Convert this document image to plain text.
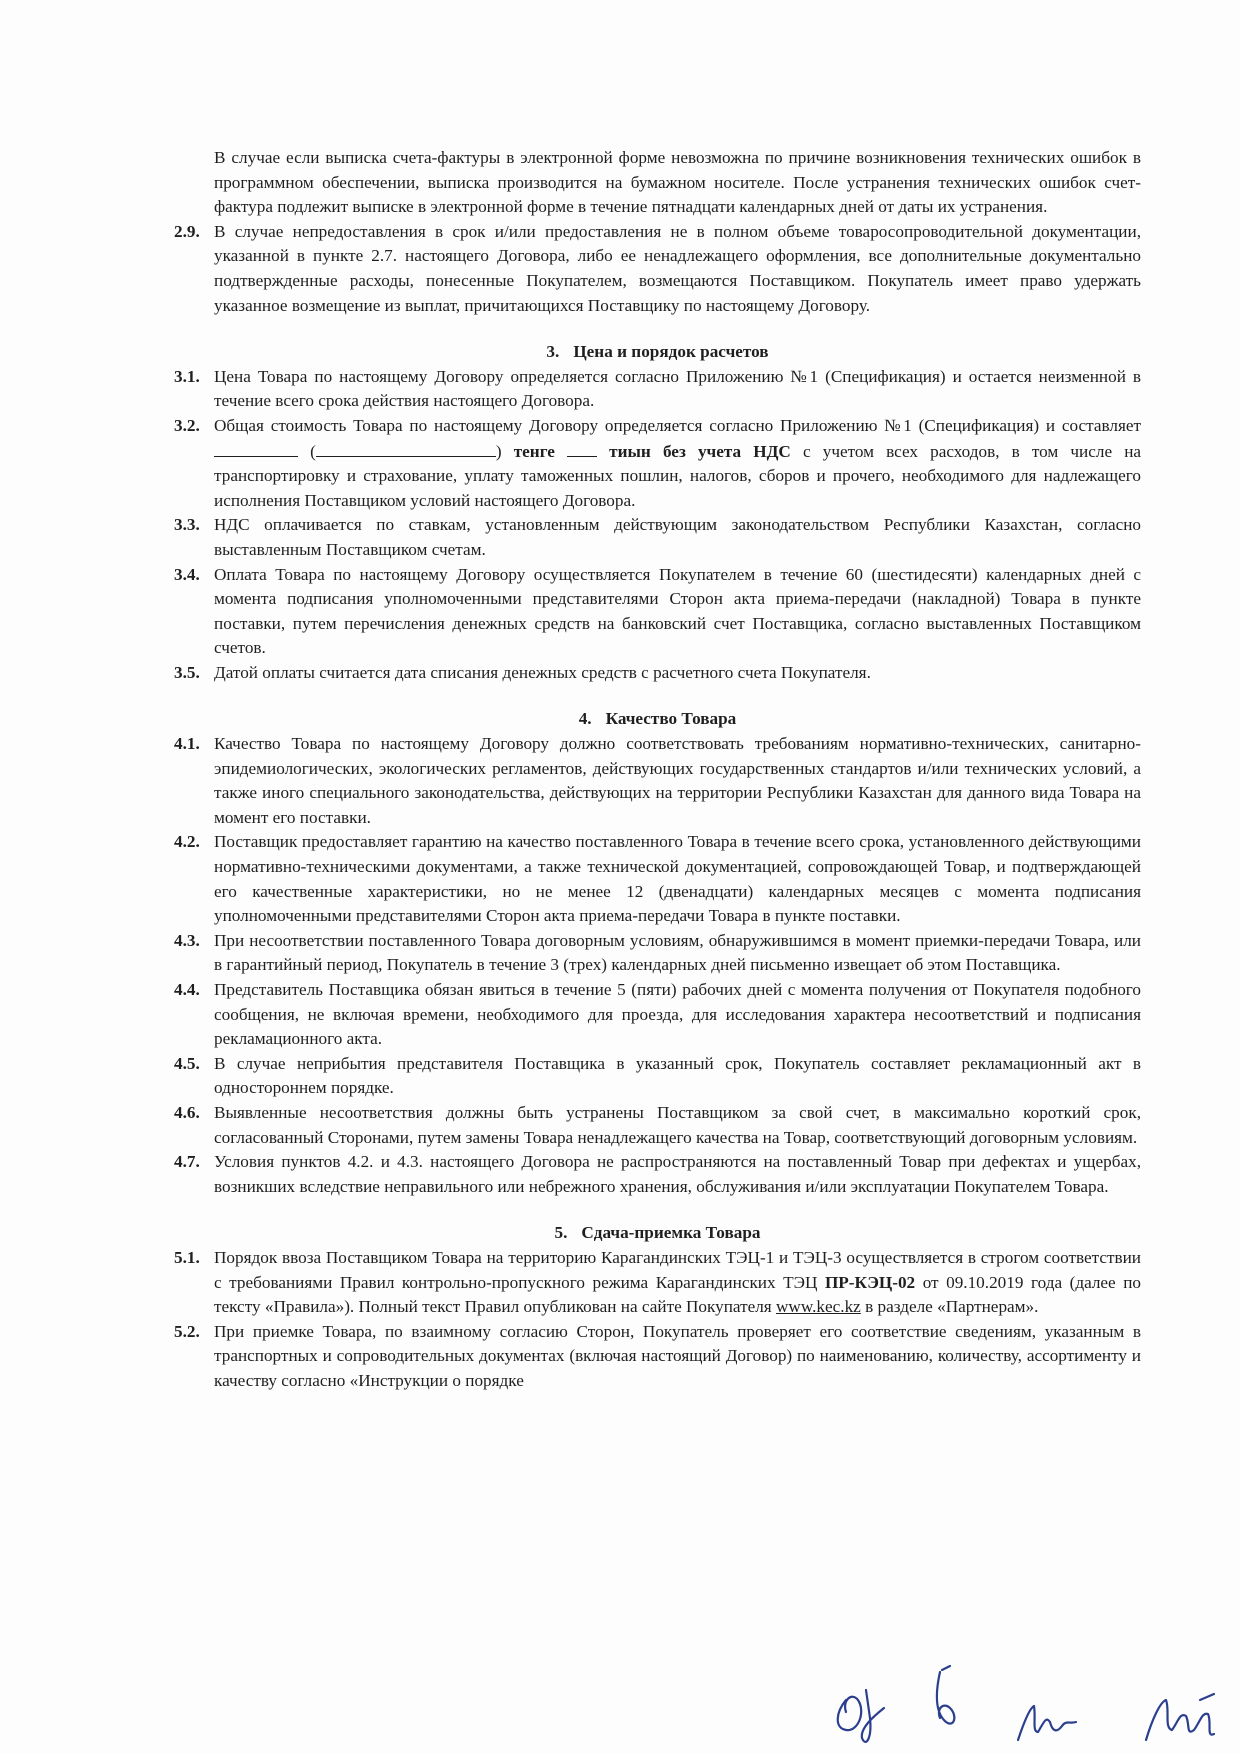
В случае если выписка счета-фактуры в электронной форме невозможна по причине возникновения технических ошибок в программном обеспечении, выписка производится на бумажном носителе. После устранения технических ошибок счет-фактура подлежит выписке в электронной форме в течение пятнадцати календарных дней от даты их устранения.
2.9. В случае непредоставления в срок и/или предоставления не в полном объеме товаросопроводительной документации, указанной в пункте 2.7. настоящего Договора, либо ее ненадлежащего оформления, все дополнительные документально подтвержденные расходы, понесенные Покупателем, возмещаются Поставщиком. Покупатель имеет право удержать указанное возмещение из выплат, причитающихся Поставщику по настоящему Договору.
3. Цена и порядок расчетов
3.1. Цена Товара по настоящему Договору определяется согласно Приложению №1 (Спецификация) и остается неизменной в течение всего срока действия настоящего Договора.
3.2. Общая стоимость Товара по настоящему Договору определяется согласно Приложению №1 (Спецификация) и составляет  (	) тенге	тиын без учета НДС с учетом всех расходов, в том числе на транспортировку и страхование, уплату таможенных пошлин, налогов, сборов и прочего, необходимого для надлежащего исполнения Поставщиком условий настоящего Договора.
3.3. НДС оплачивается по ставкам, установленным действующим законодательством Республики Казахстан, согласно выставленным Поставщиком счетам.
3.4. Оплата Товара по настоящему Договору осуществляется Покупателем в течение 60 (шестидесяти) календарных дней с момента подписания уполномоченными представителями Сторон акта приема-передачи (накладной) Товара в пункте поставки, путем перечисления денежных средств на банковский счет Поставщика, согласно выставленных Поставщиком счетов.
3.5. Датой оплаты считается дата списания денежных средств с расчетного счета Покупателя.
4. Качество Товара
4.1. Качество Товара по настоящему Договору должно соответствовать требованиям нормативно-технических, санитарно-эпидемиологических, экологических регламентов, действующих государственных стандартов и/или технических условий, а также иного специального законодательства, действующих на территории Республики Казахстан для данного вида Товара на момент его поставки.
4.2. Поставщик предоставляет гарантию на качество поставленного Товара в течение всего срока, установленного действующими нормативно-техническими документами, а также технической документацией, сопровождающей Товар, и подтверждающей его качественные характеристики, но не менее 12 (двенадцати) календарных месяцев с момента подписания уполномоченными представителями Сторон акта приема-передачи Товара в пункте поставки.
4.3. При несоответствии поставленного Товара договорным условиям, обнаружившимся в момент приемки-передачи Товара, или в гарантийный период, Покупатель в течение 3 (трех) календарных дней письменно извещает об этом Поставщика.
4.4. Представитель Поставщика обязан явиться в течение 5 (пяти) рабочих дней с момента получения от Покупателя подобного сообщения, не включая времени, необходимого для проезда, для исследования характера несоответствий и подписания рекламационного акта.
4.5. В случае неприбытия представителя Поставщика в указанный срок, Покупатель составляет рекламационный акт в одностороннем порядке.
4.6. Выявленные несоответствия должны быть устранены Поставщиком за свой счет, в максимально короткий срок, согласованный Сторонами, путем замены Товара ненадлежащего качества на Товар, соответствующий договорным условиям.
4.7. Условия пунктов 4.2. и 4.3. настоящего Договора не распространяются на поставленный Товар при дефектах и ущербах, возникших вследствие неправильного или небрежного хранения, обслуживания и/или эксплуатации Покупателем Товара.
5. Сдача-приемка Товара
5.1. Порядок ввоза Поставщиком Товара на территорию Карагандинских ТЭЦ-1 и ТЭЦ-3 осуществляется в строгом соответствии с требованиями Правил контрольно-пропускного режима Карагандинских ТЭЦ ПР-КЭЦ-02 от 09.10.2019 года (далее по тексту «Правила»). Полный текст Правил опубликован на сайте Покупателя www.kec.kz в разделе «Партнерам».
5.2. При приемке Товара, по взаимному согласию Сторон, Покупатель проверяет его соответствие сведениям, указанным в транспортных и сопроводительных документах (включая настоящий Договор) по наименованию, количеству, ассортименту и качеству согласно «Инструкции о порядке
